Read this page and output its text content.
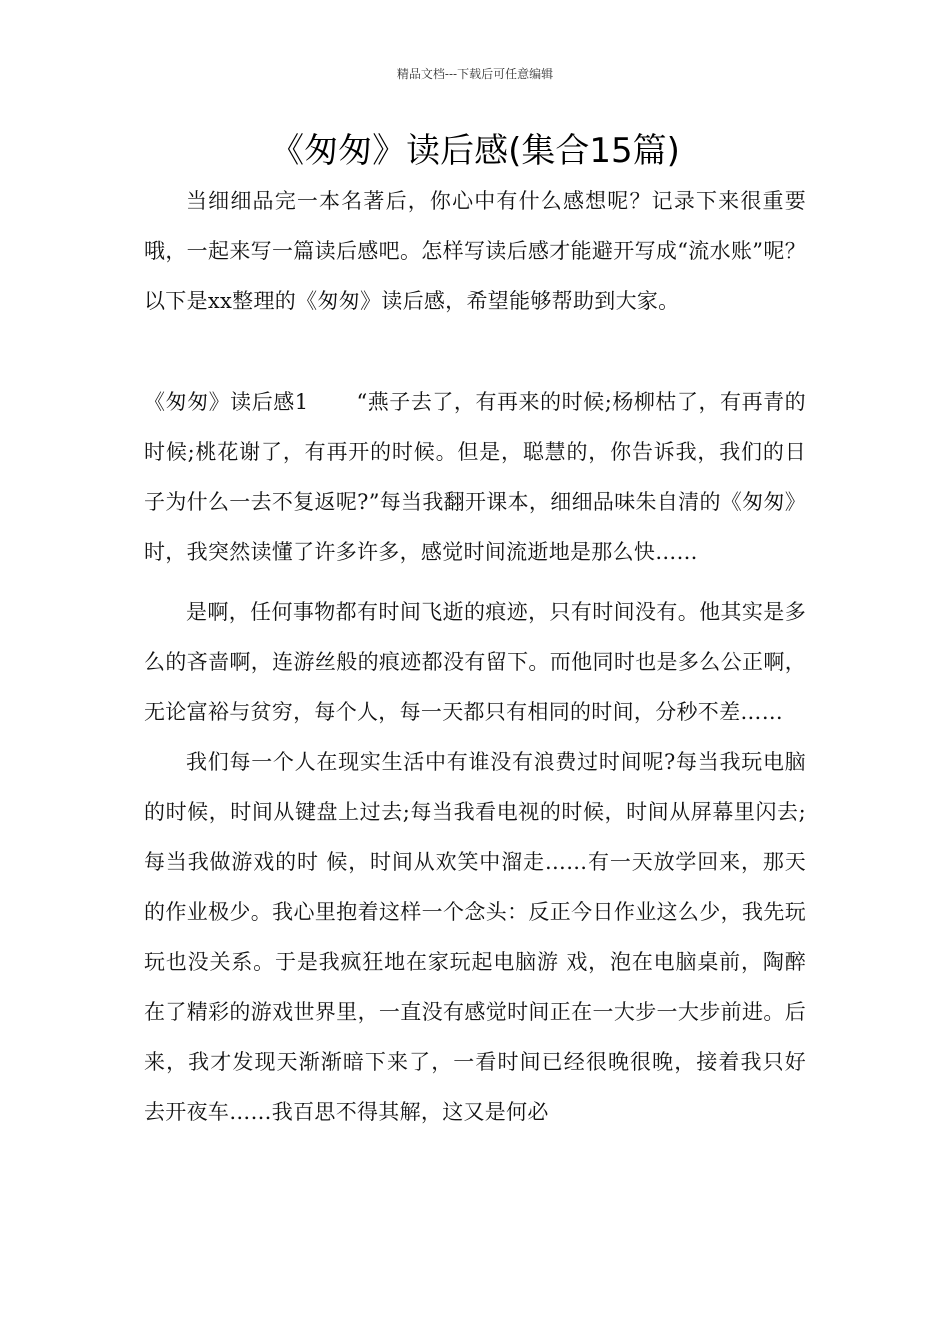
精品文档---下载后可任意编辑
《匆匆》读后感(集合15篇)

当细细品完一本名著后，你心中有什么感想呢？记录下来很重要哦，一起来写一篇读后感吧。怎样写读后感才能避开写成“流水账”呢？以下是xx整理的《匆匆》读后感，希望能够帮助到大家。

《匆匆》读后感1 “燕子去了，有再来的时候;杨柳枯了，有再青的时候;桃花谢了，有再开的时候。但是，聪慧的，你告诉我，我们的日子为什么一去不复返呢?”每当我翻开课本，细细品味朱自清的《匆匆》时，我突然读懂了许多许多，感觉时间流逝地是那么快……

是啊，任何事物都有时间飞逝的痕迹，只有时间没有。他其实是多么的吝啬啊，连游丝般的痕迹都没有留下。而他同时也是多么公正啊，无论富裕与贫穷，每个人，每一天都只有相同的时间，分秒不差……

我们每一个人在现实生活中有谁没有浪费过时间呢?每当我玩电脑的时候，时间从键盘上过去;每当我看电视的时候，时间从屏幕里闪去;每当我做游戏的时 候，时间从欢笑中溜走……有一天放学回来，那天的作业极少。我心里抱着这样一个念头：反正今日作业这么少，我先玩玩也没关系。于是我疯狂地在家玩起电脑游 戏，泡在电脑桌前，陶醉在了精彩的游戏世界里，一直没有感觉时间正在一大步一大步前进。后来，我才发现天渐渐暗下来了，一看时间已经很晚很晚，接着我只好 去开夜车……我百思不得其解，这又是何必
